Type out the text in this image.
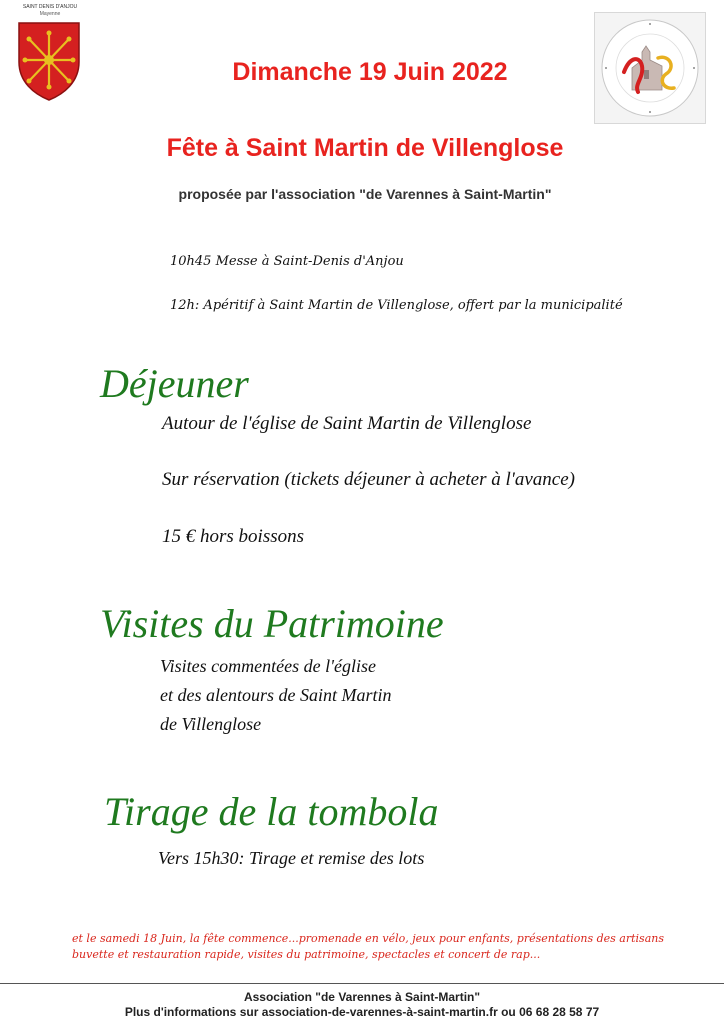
SAINT DENIS D'ANJOU
Mayenne
Dimanche 19 Juin 2022
Fête à Saint Martin de Villenglose
proposée par l'association "de Varennes à Saint-Martin"
10h45 Messe à Saint-Denis d'Anjou
12h: Apéritif à Saint Martin de Villenglose, offert par la municipalité
Déjeuner
Autour de l'église de Saint Martin de Villenglose
Sur réservation (tickets déjeuner à acheter à l'avance)
15 € hors boissons
Visites du Patrimoine
Visites commentées de l'église
et des alentours de Saint Martin
de Villenglose
Tirage de la tombola
Vers 15h30: Tirage et remise des lots
et le samedi 18 Juin, la fête commence...promenade en vélo, jeux pour enfants, présentations des artisans
buvette et restauration rapide, visites du patrimoine, spectacles et concert de rap...
Association "de Varennes à Saint-Martin"
Plus d'informations sur association-de-varennes-à-saint-martin.fr ou 06 68 28 58 77
